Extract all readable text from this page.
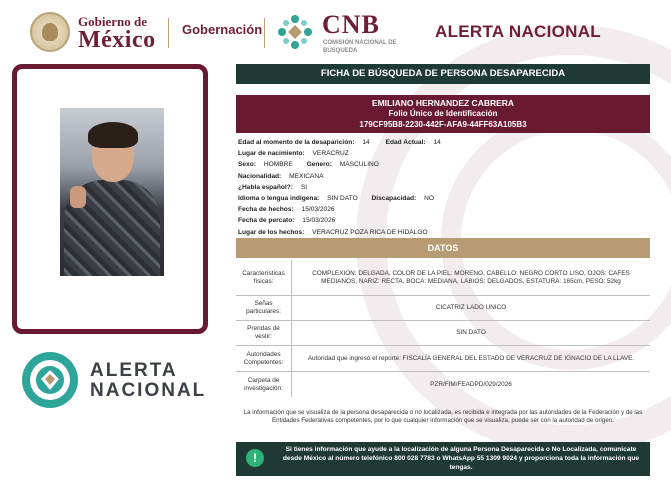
Gobierno de
México Gobernación CNB
COMISIÓN NACIONAL DE BÚSQUEDA
ALERTA NACIONAL
ALERTA
NACIONAL
FICHA DE BÚSQUEDA DE PERSONA DESAPARECIDA
EMILIANO HERNANDEZ CABRERA
Folio Único de Identificación
179CF95B8-2230-442F-AFA9-44FF63A105B3
Edad al momento de la desaparición: 14 Edad Actual: 14
Lugar de nacimiento: VERACRUZ
Sexo: HOMBRE Genero: MASCULINO
Nacionalidad: MEXICANA
¿Habla español?: SI
Idioma o lengua indígena: SIN DATO Discapacidad: NO
Fecha de hechos: 15/03/2026
Fecha de percato: 15/03/2026
Lugar de los hechos: VERACRUZ POZA RICA DE HIDALGO
DATOS
Características físicas:
COMPLEXION: DELGADA, COLOR DE LA PIEL: MORENO, CABELLO: NEGRO CORTO LISO, OJOS: CAFES MEDIANOS, NARIZ: RECTA, BOCA: MEDIANA, LABIOS: DELGADOS, ESTATURA: 165cm, PESO: 52kg
Señas particulares:
CICATRIZ LADO UNICO
Prendas de vestir:
SIN DATO
Autoridades Competentes:
Autoridad que ingresó el reporte: FISCALÍA GENERAL DEL ESTADO DE VERACRUZ DE IGNACIO DE LA LLAVE.
Carpeta de investigación:
PZR/FIM/FEADPD/029/2026
La información que se visualiza de la persona desaparecida o no localizada, es recibida e integrada por las autoridades de la Federación y de las Entidades Federativas competentes, por lo que cualquier información que se visualiza, puede ser con la autoridad de origen.
Si tienes información que ayude a la localización de alguna Persona Desaparecida o No Localizada, comunícate desde México al número telefónico 800 028 7783 o WhatsApp 55 1309 9024 y proporciona toda la información que tengas.
!
